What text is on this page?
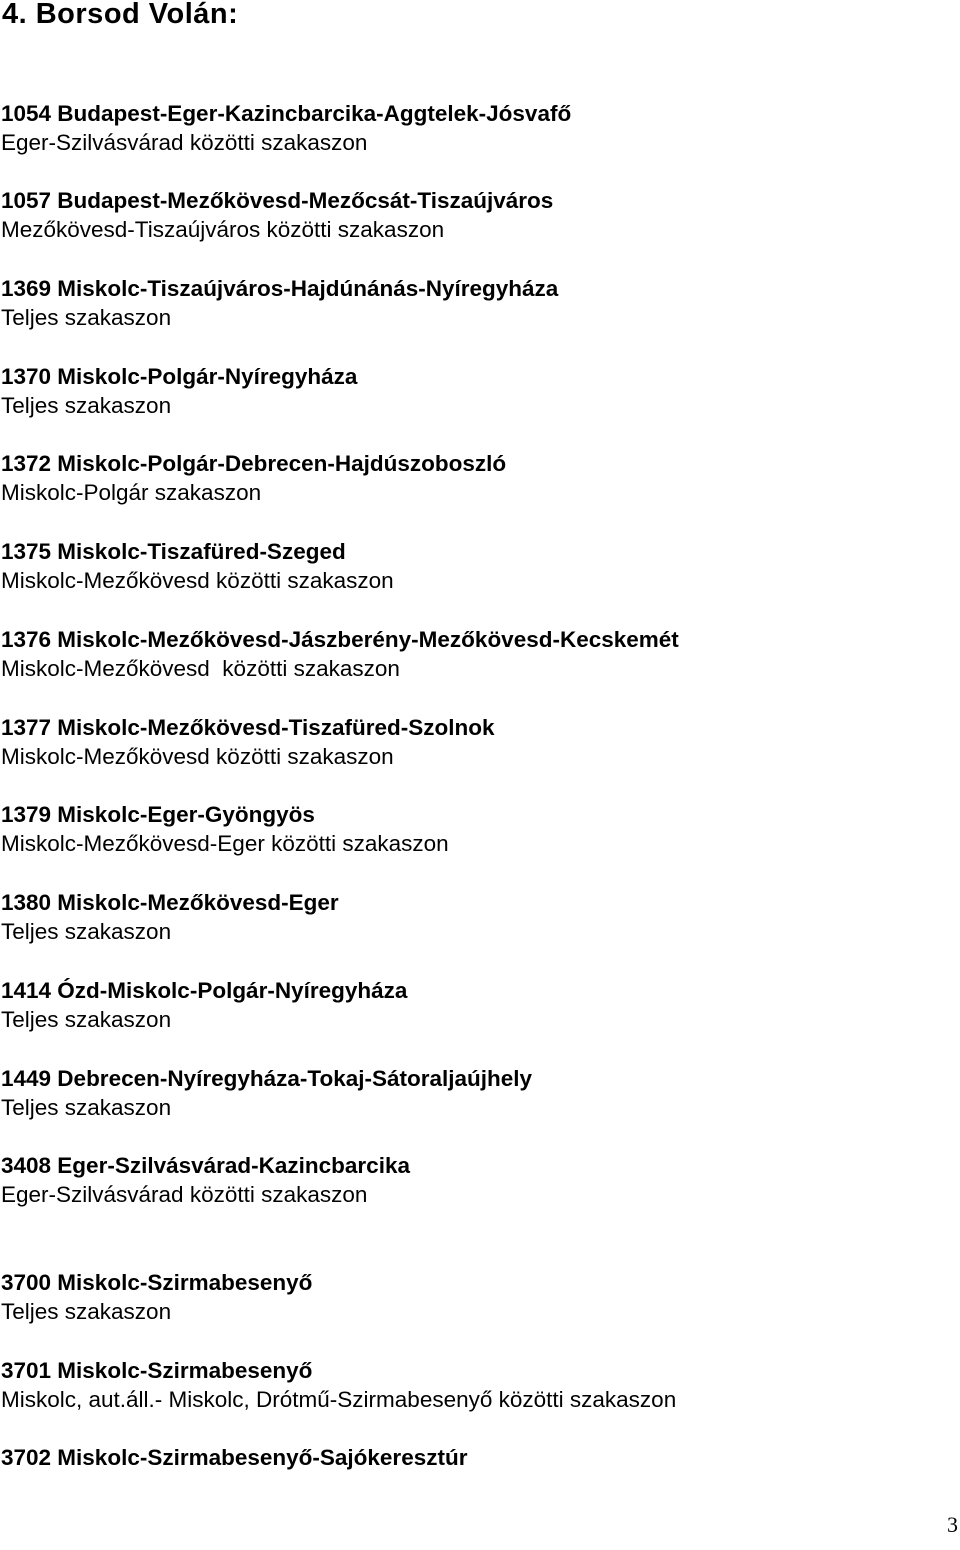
4. Borsod Volán:
1054 Budapest-Eger-Kazincbarcika-Aggtelek-Jósvafő
Eger-Szilvásvárad közötti szakaszon
1057 Budapest-Mezőkövesd-Mezőcsát-Tiszaújváros
Mezőkövesd-Tiszaújváros közötti szakaszon
1369 Miskolc-Tiszaújváros-Hajdúnánás-Nyíregyháza
Teljes szakaszon
1370 Miskolc-Polgár-Nyíregyháza
Teljes szakaszon
1372 Miskolc-Polgár-Debrecen-Hajdúszoboszló
Miskolc-Polgár szakaszon
1375 Miskolc-Tiszafüred-Szeged
Miskolc-Mezőkövesd közötti szakaszon
1376 Miskolc-Mezőkövesd-Jászberény-Mezőkövesd-Kecskemét
Miskolc-Mezőkövesd  közötti szakaszon
1377 Miskolc-Mezőkövesd-Tiszafüred-Szolnok
Miskolc-Mezőkövesd közötti szakaszon
1379 Miskolc-Eger-Gyöngyös
Miskolc-Mezőkövesd-Eger közötti szakaszon
1380 Miskolc-Mezőkövesd-Eger
Teljes szakaszon
1414 Ózd-Miskolc-Polgár-Nyíregyháza
Teljes szakaszon
1449 Debrecen-Nyíregyháza-Tokaj-Sátoraljaújhely
Teljes szakaszon
3408 Eger-Szilvásvárad-Kazincbarcika
Eger-Szilvásvárad közötti szakaszon
3700 Miskolc-Szirmabesenyő
Teljes szakaszon
3701 Miskolc-Szirmabesenyő
Miskolc, aut.áll.- Miskolc, Drótmű-Szirmabesenyő közötti szakaszon
3702 Miskolc-Szirmabesenyő-Sajókeresztúr
3
